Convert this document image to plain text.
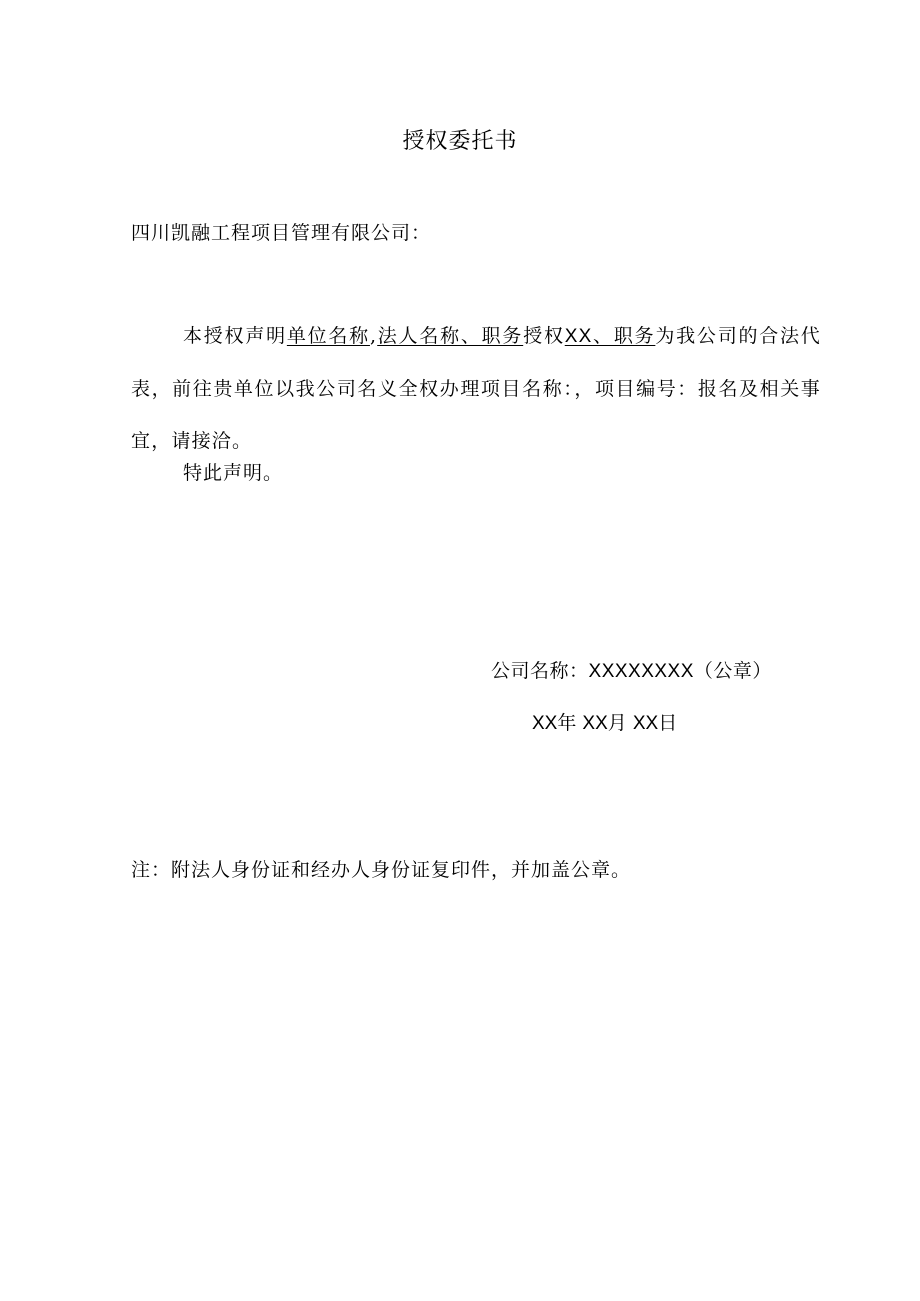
授权委托书
四川凯融工程项目管理有限公司：
本授权声明单位名称,法人名称、职务授权XX、职务为我公司的合法代表，前往贵单位以我公司名义全权办理项目名称：，项目编号：报名及相关事宜，请接洽。
特此声明。
公司名称：XXXXXXXX（公章）
XX年 XX月 XX日
注：附法人身份证和经办人身份证复印件，并加盖公章。
